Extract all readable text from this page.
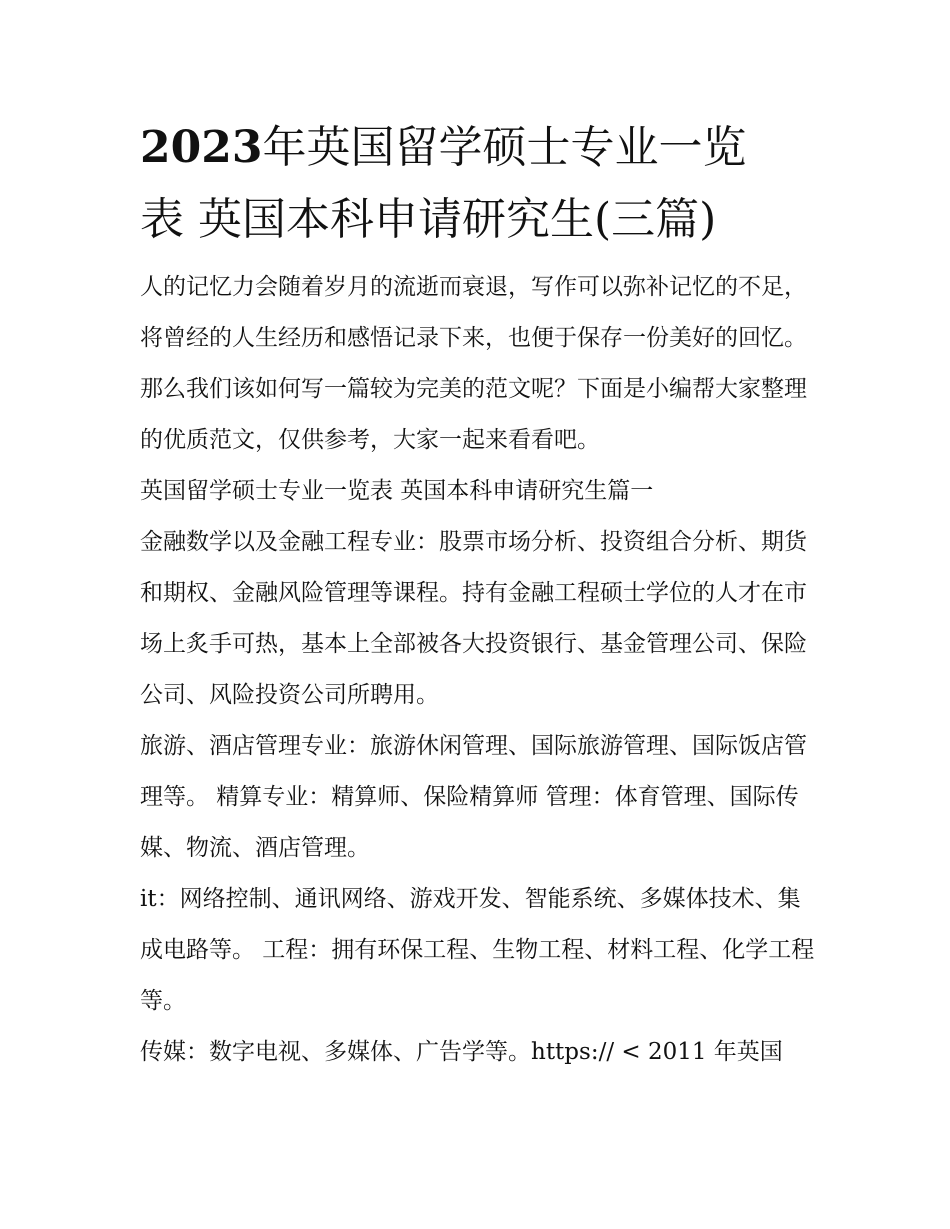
2023年英国留学硕士专业一览
表 英国本科申请研究生(三篇)

人的记忆力会随着岁月的流逝而衰退，写作可以弥补记忆的不足，将曾经的人生经历和感悟记录下来，也便于保存一份美好的回忆。那么我们该如何写一篇较为完美的范文呢？下面是小编帮大家整理的优质范文，仅供参考，大家一起来看看吧。

英国留学硕士专业一览表 英国本科申请研究生篇一

金融数学以及金融工程专业：股票市场分析、投资组合分析、期货和期权、金融风险管理等课程。持有金融工程硕士学位的人才在市场上炙手可热，基本上全部被各大投资银行、基金管理公司、保险公司、风险投资公司所聘用。

旅游、酒店管理专业：旅游休闲管理、国际旅游管理、国际饭店管理等。 精算专业：精算师、保险精算师 管理：体育管理、国际传媒、物流、酒店管理。

it：网络控制、通讯网络、游戏开发、智能系统、多媒体技术、集成电路等。 工程：拥有环保工程、生物工程、材料工程、化学工程等。

传媒：数字电视、多媒体、广告学等。https:// < 2011 年英国
